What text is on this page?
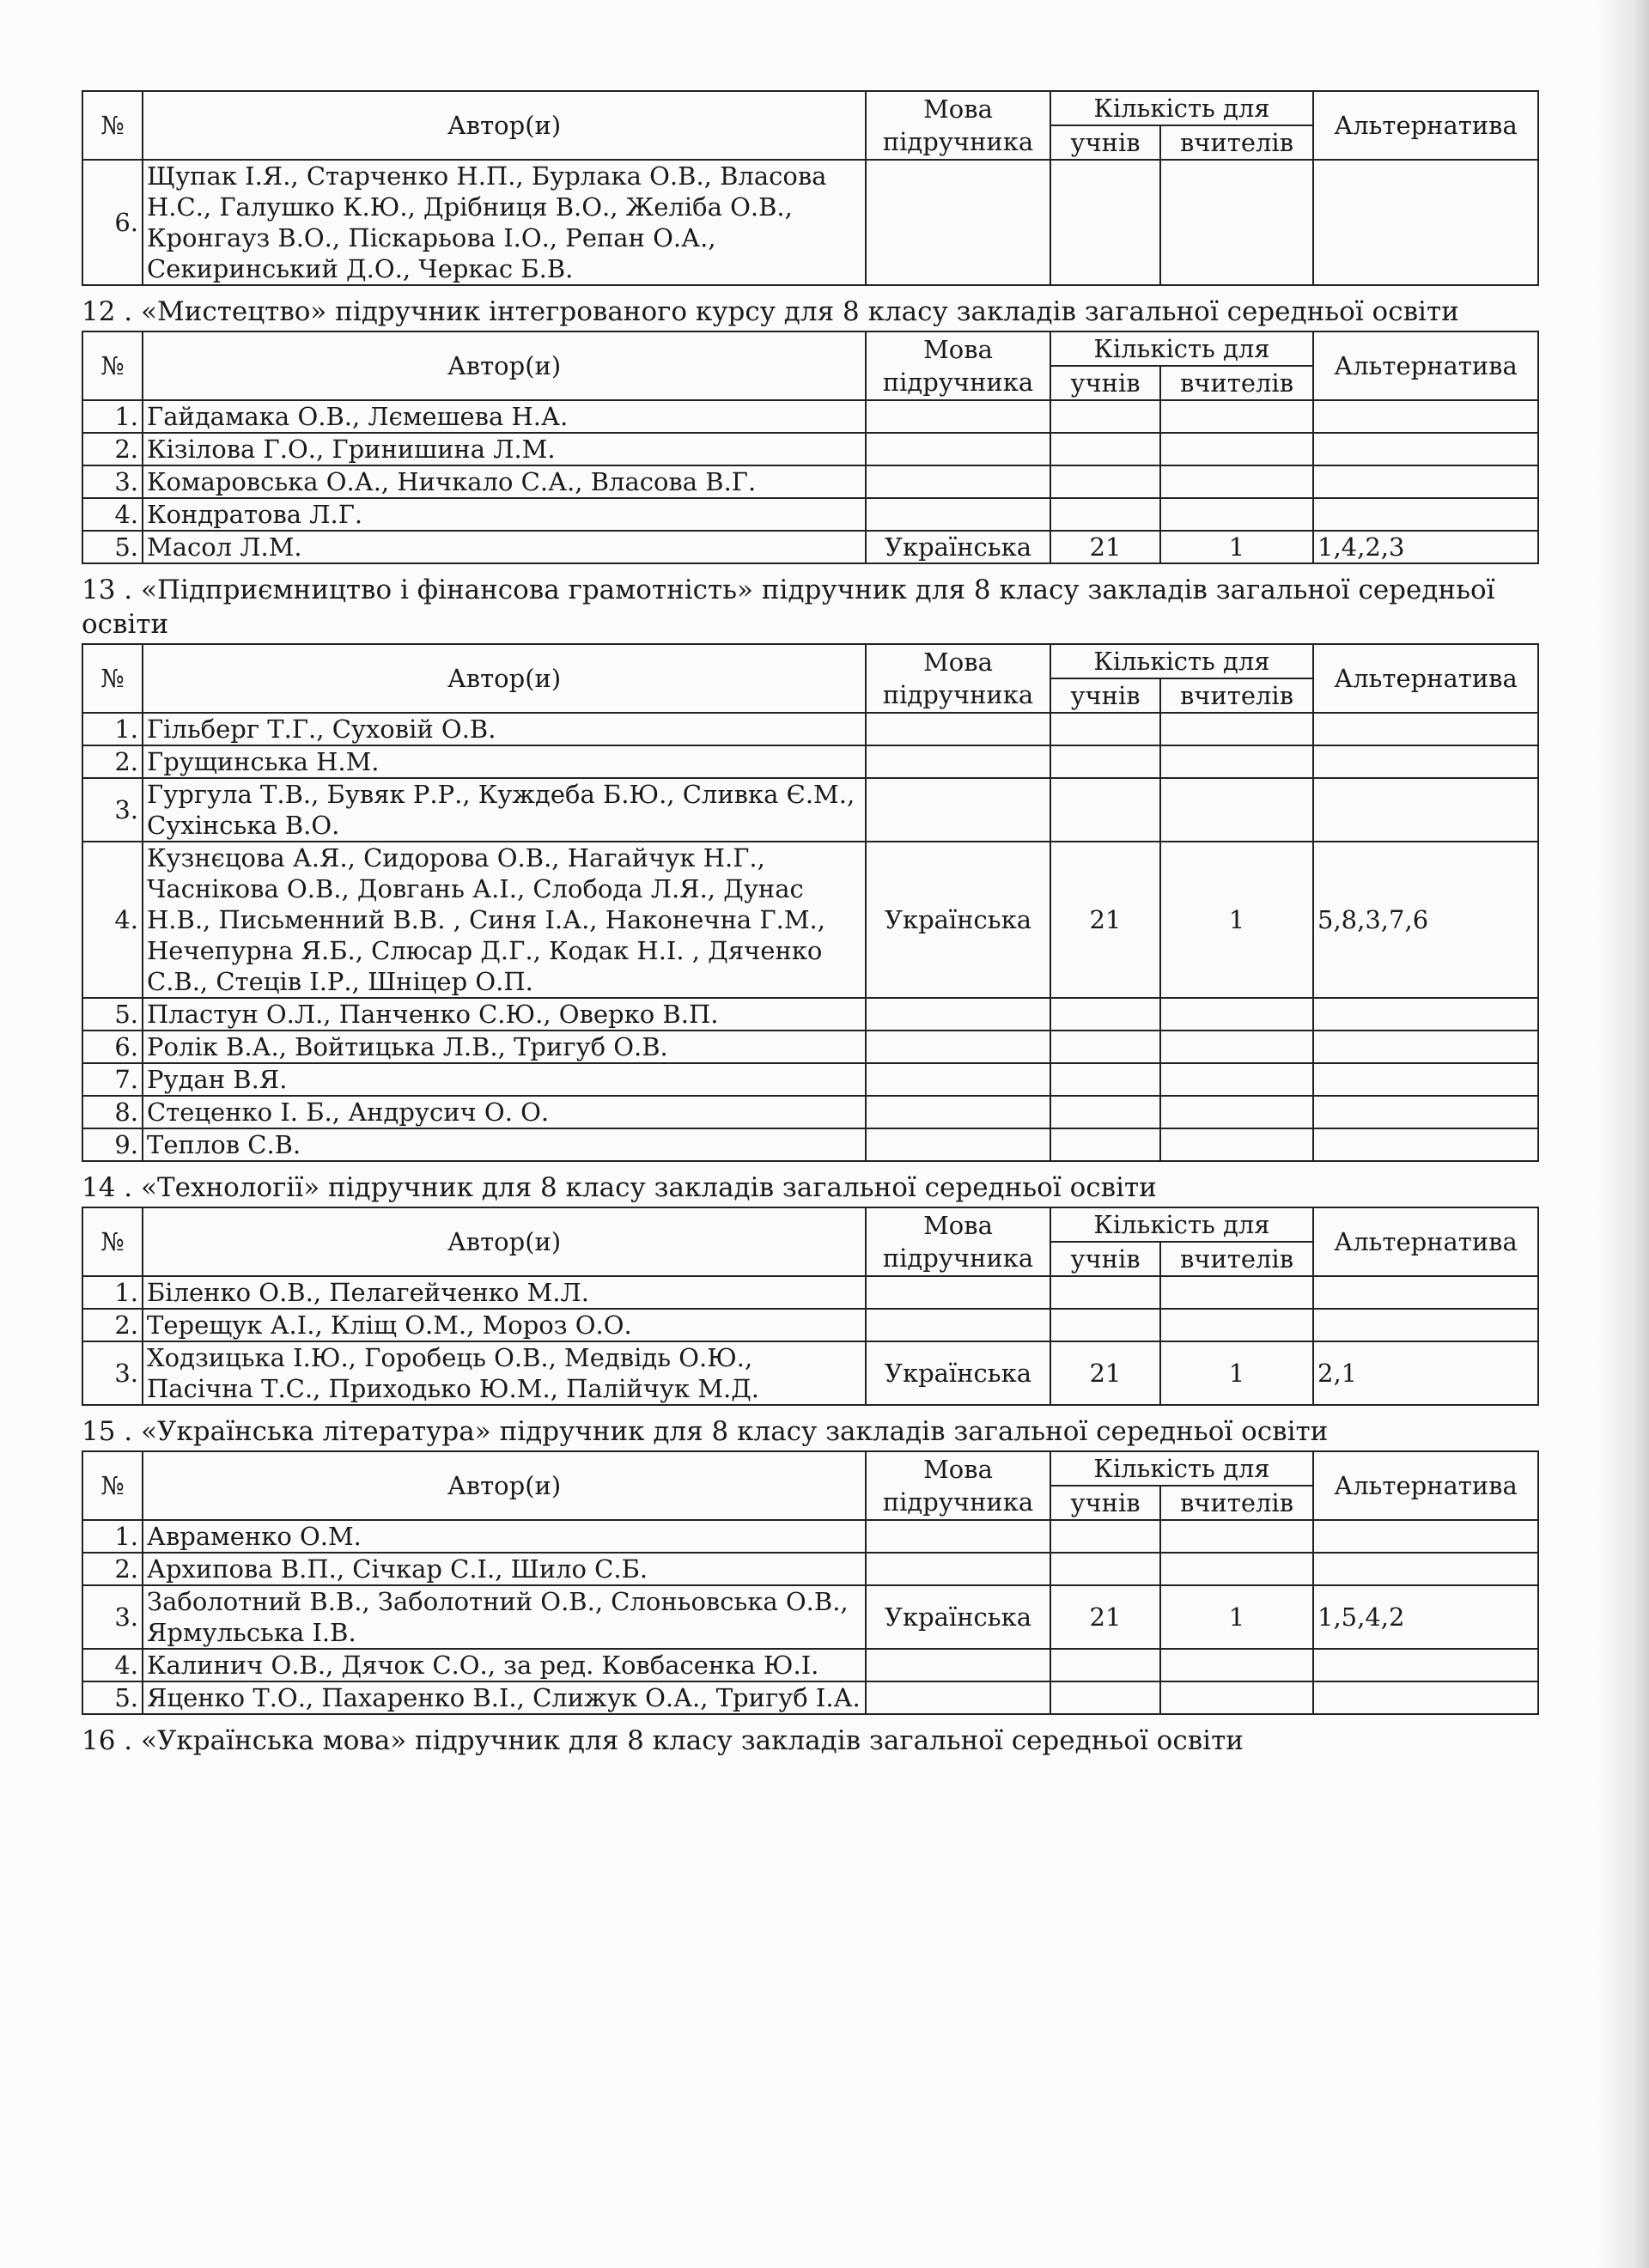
№	Автор(и)	Мова підручника	Кількість для		Альтернатива
			учнів	вчителів	
6.	Щупак І.Я., Старченко Н.П., Бурлака О.В., Власова Н.С., Галушко К.Ю., Дрібниця В.О., Желіба О.В., Кронгауз В.О., Піскарьова І.О., Репан О.А., Секиринський Д.О., Черкас Б.В.				
12 . «Мистецтво» підручник інтегрованого курсу для 8 класу закладів загальної середньої освіти
№	Автор(и)	Мова підручника	Кількість для		Альтернатива
			учнів	вчителів	
1.	Гайдамака О.В., Лємешева Н.А.				
2.	Кізілова Г.О., Гринишина Л.М.				
3.	Комаровська О.А., Ничкало С.А., Власова В.Г.				
4.	Кондратова Л.Г.				
5.	Масол Л.М.	Українська	21	1	1,4,2,3
13 . «Підприємництво і фінансова грамотність» підручник для 8 класу закладів загальної середньої освіти
№	Автор(и)	Мова підручника	Кількість для		Альтернатива
			учнів	вчителів	
1.	Гільберг Т.Г., Суховій О.В.				
2.	Грущинська Н.М.				
3.	Гургула Т.В., Бувяк Р.Р., Куждеба Б.Ю., Сливка Є.М., Сухінська В.О.				
4.	Кузнєцова А.Я., Сидорова О.В., Нагайчук Н.Г., Часнікова О.В., Довгань А.І., Слобода Л.Я., Дунас Н.В., Письменний В.В. , Синя І.А., Наконечна Г.М., Нечепурна Я.Б., Слюсар Д.Г., Кодак Н.І. , Дяченко С.В., Стецiв І.Р., Шніцер О.П.	Українська	21	1	5,8,3,7,6
5.	Пластун О.Л., Панченко С.Ю., Оверко В.П.				
6.	Ролік В.А., Войтицька Л.В., Тригуб О.В.				
7.	Рудан В.Я.				
8.	Стеценко І. Б., Андрусич О. О.				
9.	Теплов С.В.				
14 . «Технології» підручник для 8 класу закладів загальної середньої освіти
№	Автор(и)	Мова підручника	Кількість для		Альтернатива
			учнів	вчителів	
1.	Біленко О.В., Пелагейченко М.Л.				
2.	Терещук А.І., Кліщ О.М., Мороз О.О.				
3.	Ходзицька І.Ю., Горобець О.В., Медвідь О.Ю., Пасічна Т.С., Приходько Ю.М., Палійчук М.Д.	Українська	21	1	2,1
15 . «Українська література» підручник для 8 класу закладів загальної середньої освіти
№	Автор(и)	Мова підручника	Кількість для		Альтернатива
			учнів	вчителів	
1.	Авраменко О.М.				
2.	Архипова В.П., Січкар С.І., Шило С.Б.				
3.	Заболотний В.В., Заболотний О.В., Слоньовська О.В., Ярмульська І.В.	Українська	21	1	1,5,4,2
4.	Калинич О.В., Дячок С.О., за ред. Ковбасенка Ю.І.				
5.	Яценко Т.О., Пахаренко В.І., Слижук О.А., Тригуб І.А.				
16 . «Українська мова» підручник для 8 класу закладів загальної середньої освіти
